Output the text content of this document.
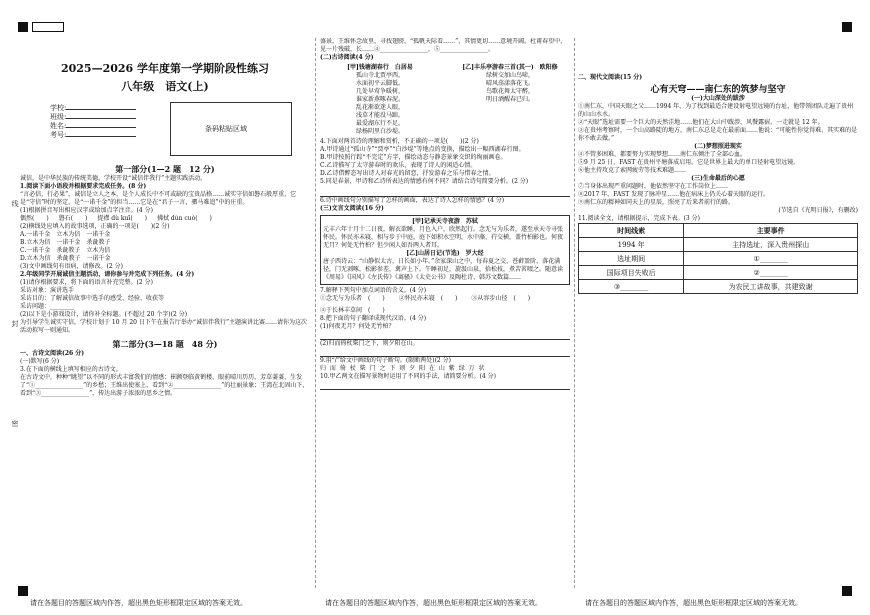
线
封
密
2025—2026 学年度第一学期阶段性练习
八年级　语文(上)
学校:
班级:
姓名:
考号:
条码粘贴区域
第一部分(1—2 题　12 分)
诚信，是中华民族的传统美德。学校开设“诚信伴我行”主题实践活动。
1.阅读下面小语段并根据要求完成任务。(8 分)
“言必信，行必果”，诚信是立人之本，是个人成长中不可或缺的宝贵品格……诚实守信如磐石般厚重，它是“守信”时的坚定，是“一诺千金”的担当……它是在“君子一言，驷马难追”中的庄重。
(1)根据拼音写出相应汉字或给加点字注音。(4 分)
偶然(　　) 磐石(　　) 捉襟 dù kuī(　　) 拂拭 dùn cuò(　　)
(2)横线处应填入的故事选项，正确的一项是(　　)(2 分)
A.一诺千金　立木为信　一诺千金
B.立木为信　一诺千金　杀彘教子
C.一诺千金　杀彘教子　立木为信
D.立木为信　杀彘教子　一诺千金
(3)文中画线句有语病，请修改。(2 分)
2.年级同学开展诚信主题活动，请你参与并完成下列任务。(4 分)
(1)请你根据要求，将下面的语言补充完整。(2 分)
采访对象：演讲选手
采访目的：了解诚信故事中选手的感受、经验、收获等
采访问题：________
(2)以下是小游戏设计，请你补全标题。(不超过 20 个字)(2 分)
为引导学生诚实守信，学校计划于 10 月 20 日下午在报告厅举办“诚信伴我行”主题演讲比赛……请你为这次活动拟写一则通知。
第二部分(3—18 题　48 分)
一、古诗文阅读(26 分)
(一)默写(6 分)
3.在下面的横线上填写相应的古诗文。
在古诗文中，种种“眺望”以不同的形式丰富我们的情感：崔颢登临黄鹤楼，眼前晴川历历，芳草萋萋，生发了“①________________”的乡愁；王维出使塞上，看到“②________________”的壮丽景象；王湾在北固山下，看到“③________________”，传达出游子浓浓的思乡之情。
盛景，王维怀念故里，寻找翅膀，“孤帆天际看……”，其情更切……意境开阔。杜甫春望中，见一片残破，长……④________________，⑤________________。
(二)古诗阅读(4 分)
[甲]钱塘湖春行　白居易
孤山寺北贾亭西，
水面初平云脚低。
几处早莺争暖树，
谁家新燕啄春泥。
乱花渐欲迷人眼，
浅草才能没马蹄。
最爱湖东行不足，
绿杨阴里白沙堤。
[乙]丰乐亭游春三首(其一)　欧阳修
绿树交加山鸟啼，
晴风荡漾落花飞。
鸟歌花舞太守醉，
明日酒醒春已归。
4.下面对两首诗的理解和赏析，不正确的一项是(　　)(2 分)
A.甲诗通过“孤山寺”“贾亭”“白沙堤”等地点的变换，描绘出一幅西湖春行图。
B.甲诗按照行踪“不完定”方字，描绘动态与静态景象交织的绚丽画卷。
C.乙诗描写了太守游春时的欢乐，表现了诗人的闲适心情。
D.乙诗借醉态写出诗人对春光的留恋，抒发游春之乐与惜春之情。
5.同是春景，甲诗和乙诗所表达的情感有何不同？请结合诗句简要分析。(2 分)
6.诗中画线句分别描写了怎样的画面，表达了诗人怎样的情感？(4 分)
(三)文言文阅读(16 分)
[甲]记承天寺夜游　苏轼
元丰六年十月十二日夜，解衣欲睡，月色入户，欣然起行。念无与为乐者，遂至承天寺寻张怀民。怀民亦未寝，相与步于中庭。庭下如积水空明，水中藻、荇交横，盖竹柏影也。何夜无月？何处无竹柏？但少闲人如吾两人者耳。
[乙]山居日记(节选)　罗大经
唐子西诗云：“山静似太古，日长如小年。”余家深山之中，每春夏之交，苍藓盈阶，落花满径，门无剥啄，松影参差，禽声上下。午睡初足，旋汲山泉，拾松枝，煮苦茗啜之。随意读《周易》《国风》《左氏传》《离骚》《太史公书》及陶杜诗、韩苏文数篇……
7.解释下列句中加点词语的含义。(4 分)
①念无与为乐者　(　　) ②怀民亦未寝　(　　) ③从容步山径　(　　)
④于长林丰草间　(　　)
8.把下面的句子翻译成现代汉语。(4 分)
(1)何夜无月？何处无竹柏？
(2)归而倚杖柴门之下，则夕阳在山。
9.用“/”给文中画线的句子断句。(限断两处)(2 分)
归 而 倚 杖 柴 门 之 下 则 夕 阳 在 山 紫 绿 万 状
10.甲乙两文在描写景物时运用了不同的手法，请简要分析。(4 分)
二、现代文阅读(15 分)
心有天穹——南仁东的筑梦与坚守
(一)大山深处的跋涉
①南仁东，中国天眼之父……1994 年，为了找到最适合建设射电望远镜的台址，他带领团队走遍了贵州的山山水水。
②“天眼”选址需要一个巨大的天然洼地……他们在大山中跋涉，风餐露宿，一走就是 12 年。
③在贵州考察时，一个山高路陡的地方，南仁东总是走在最前面……他说：“可能性你觉得难，其实难的是你不敢去做。”
(二)梦想照进现实
④不管多困难，都要努力实现梦想……南仁东倾注了全部心血。
⑤9 月 25 日，FAST 在贵州平塘落成启用。它是世界上最大的单口径射电望远镜。
⑥他主持攻克了索网疲劳等技术难题……
(三)生命最后的心愿
⑦当身体出现严重问题时，他依然坚守在工作岗位上……
⑧2017 年，FAST 发现了脉冲星……他在病床上仍关心着天眼的运行。
⑨南仁东的精神如同天上的星辰，照亮了后来者前行的路。
(节选自《光明日报》，有删改)
11.阅读全文，请根据提示，完成下表。(3 分)
时间线索	主要事件
1994 年	主持选址，深入贵州探山
选址期间	①________
国际项目失败后	②________
③________	为农民工讲故事，共建致谢
请在各题目的答题区域内作答，超出黑色矩形框限定区域的答案无效。	请在各题目的答题区域内作答，超出黑色矩形框限定区域的答案无效。	请在各题目的答题区域内作答，超出黑色矩形框限定区域的答案无效。
